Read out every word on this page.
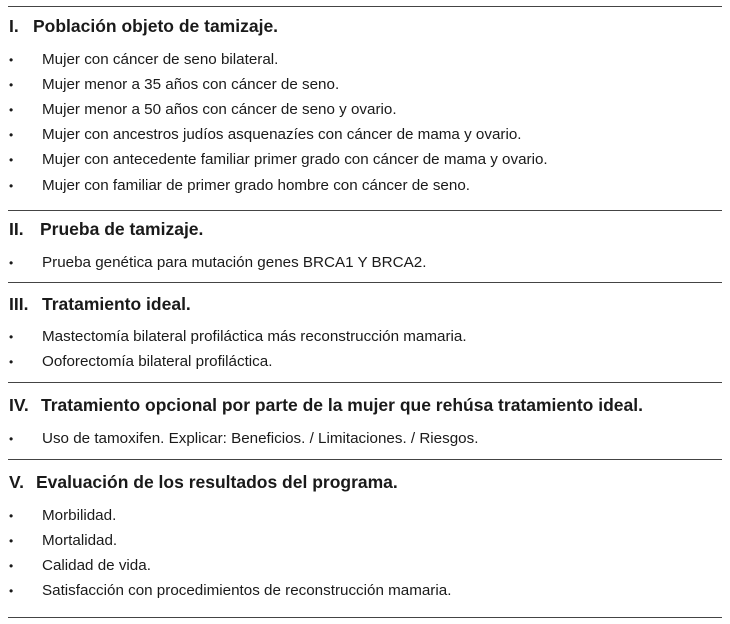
I. Población objeto de tamizaje.
• Mujer con cáncer de seno bilateral.
• Mujer menor a 35 años con cáncer de seno.
• Mujer menor a 50 años con cáncer de seno y ovario.
• Mujer con ancestros judíos asquenazíes con cáncer de mama y ovario.
• Mujer con antecedente familiar primer grado con cáncer de mama y ovario.
• Mujer con familiar de primer grado hombre con cáncer de seno.
II. Prueba de tamizaje.
• Prueba genética para mutación genes BRCA1 Y BRCA2.
III. Tratamiento ideal.
• Mastectomía bilateral profiláctica más reconstrucción mamaria.
• Ooforectomía bilateral profiláctica.
IV. Tratamiento opcional por parte de la mujer que rehúsa tratamiento ideal.
• Uso de tamoxifen. Explicar: Beneficios. / Limitaciones. / Riesgos.
V. Evaluación de los resultados del programa.
• Morbilidad.
• Mortalidad.
• Calidad de vida.
• Satisfacción con procedimientos de reconstrucción mamaria.
